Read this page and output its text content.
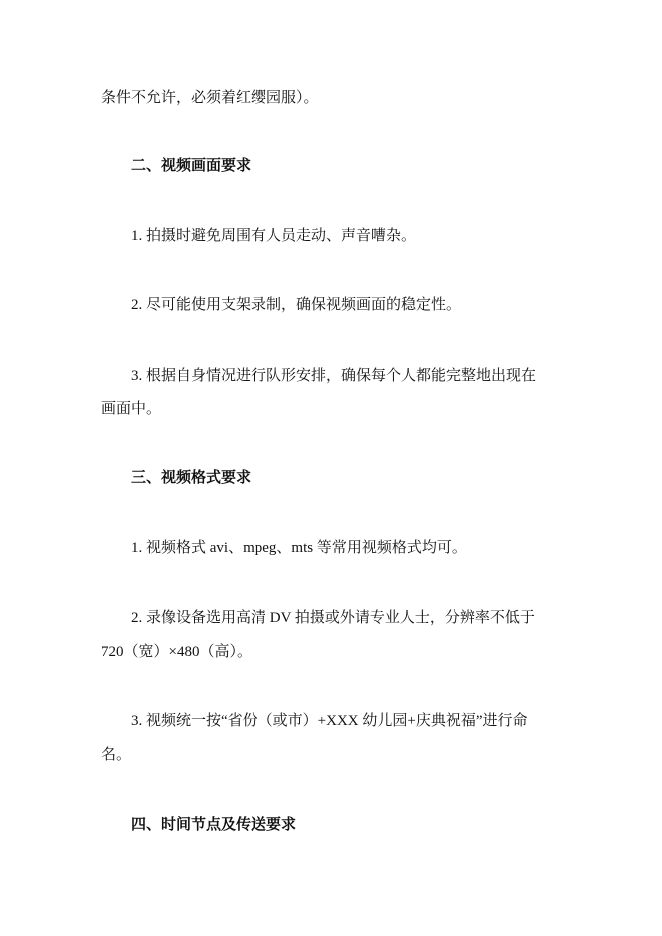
条件不允许，必须着红缨园服）。
二、视频画面要求
1. 拍摄时避免周围有人员走动、声音嘈杂。
2. 尽可能使用支架录制，确保视频画面的稳定性。
3. 根据自身情况进行队形安排，确保每个人都能完整地出现在
画面中。
三、视频格式要求
1. 视频格式 avi、mpeg、mts 等常用视频格式均可。
2. 录像设备选用高清 DV 拍摄或外请专业人士，分辨率不低于
720（宽）×480（高）。
3. 视频统一按“省份（或市）+XXX 幼儿园+庆典祝福”进行命
名。
四、时间节点及传送要求
